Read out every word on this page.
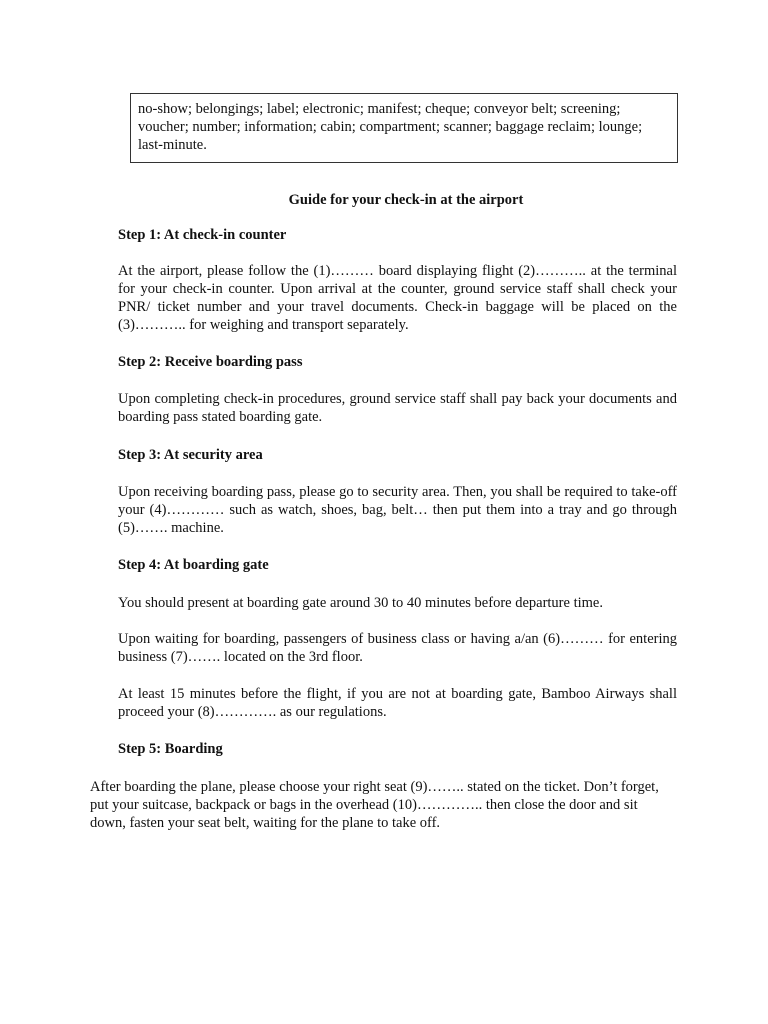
no-show; belongings; label; electronic; manifest; cheque; conveyor belt; screening; voucher; number; information; cabin; compartment; scanner; baggage reclaim; lounge; last-minute.
Guide for your check-in at the airport
Step 1: At check-in counter
At the airport, please follow the (1)……… board displaying flight (2)……….. at the terminal for your check-in counter. Upon arrival at the counter, ground service staff shall check your PNR/ ticket number and your travel documents. Check-in baggage will be placed on the (3)……….. for weighing and transport separately.
Step 2: Receive boarding pass
Upon completing check-in procedures, ground service staff shall pay back your documents and boarding pass stated boarding gate.
Step 3: At security area
Upon receiving boarding pass, please go to security area. Then, you shall be required to take-off your (4)………… such as watch, shoes, bag, belt… then put them into a tray and go through (5)……. machine.
Step 4: At boarding gate
You should present at boarding gate around 30 to 40 minutes before departure time.
Upon waiting for boarding, passengers of business class or having a/an (6)……… for entering business (7)……. located on the 3rd floor.
At least 15 minutes before the flight, if you are not at boarding gate, Bamboo Airways shall proceed your (8)…………. as our regulations.
Step 5: Boarding
After boarding the plane, please choose your right seat (9)…….. stated on the ticket. Don’t forget, put your suitcase, backpack or bags in the overhead (10)………….. then close the door and sit down, fasten your seat belt, waiting for the plane to take off.
